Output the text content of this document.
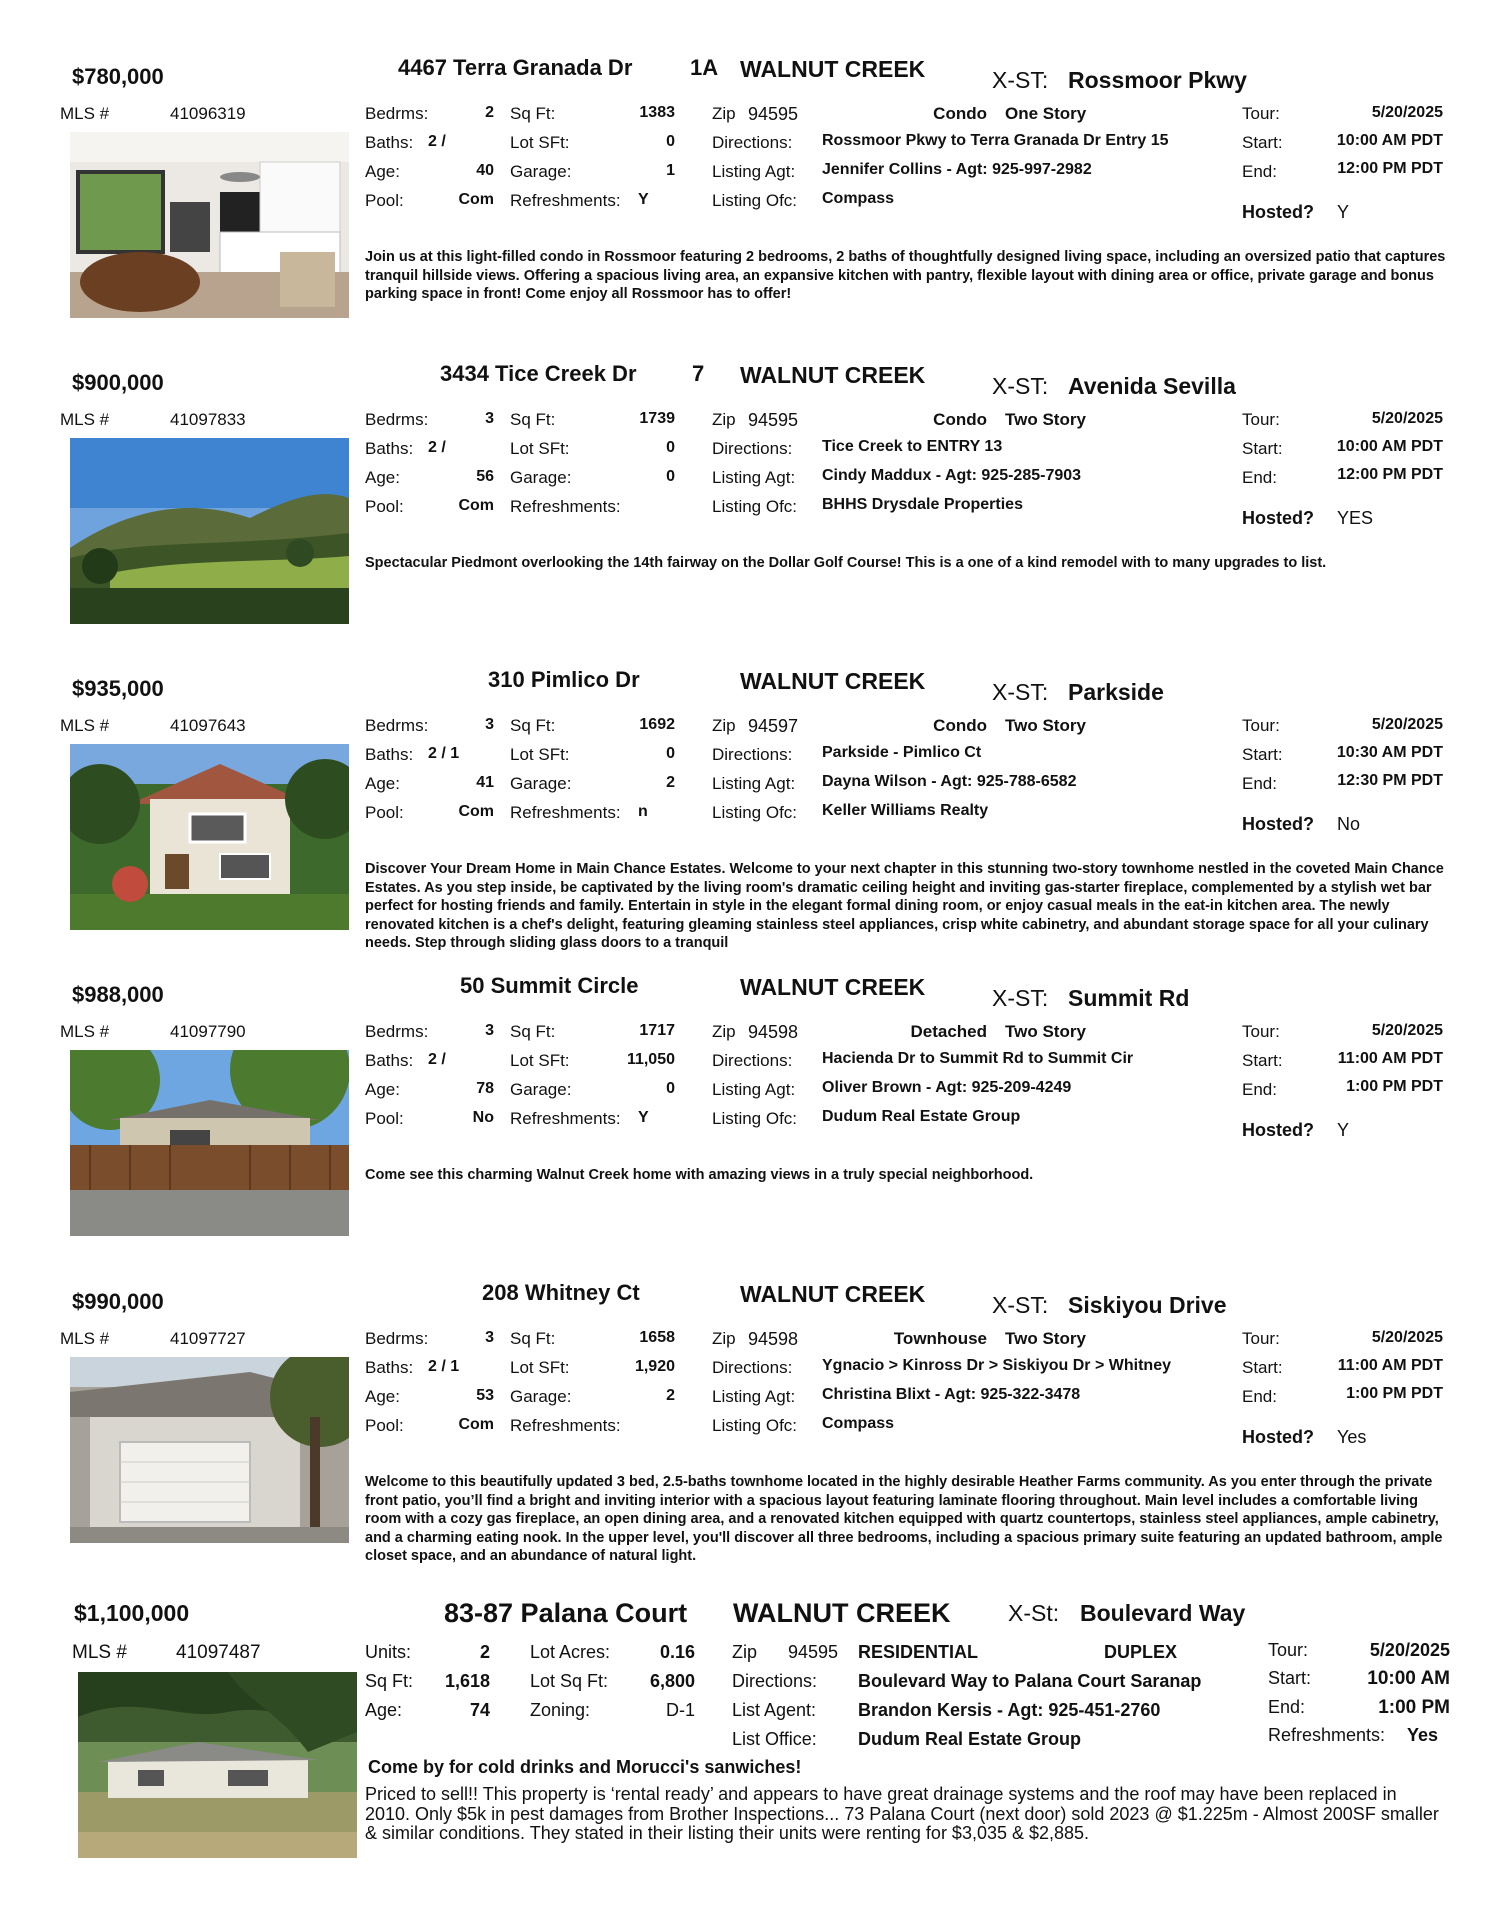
$780,000	4467 Terra Granada Dr	1A WALNUT CREEK	X-ST: Rossmoor Pkwy
MLS #	41096319	Bedrms:	2
Baths: 2 /
Age:	40
Pool:	Com
Sq Ft:	1383
Lot SFt:	0
Garage:	1
Refreshments: Y
Zip 94595	Condo One Story
Directions: Rossmoor Pkwy to Terra Granada Dr Entry 15
Listing Agt: Jennifer Collins - Agt: 925-997-2982
Listing Ofc: Compass
Tour:	5/20/2025
Start:	10:00 AM PDT
End:	12:00 PM PDT
Hosted? Y
Join us at this light-filled condo in Rossmoor featuring 2 bedrooms, 2 baths of thoughtfully designed living space, including an oversized patio that captures tranquil hillside views. Offering a spacious living area, an expansive kitchen with pantry, flexible layout with dining area or office, private garage and bonus parking space in front! Come enjoy all Rossmoor has to offer!
$900,000	3434 Tice Creek Dr	7 WALNUT CREEK	X-ST: Avenida Sevilla
MLS #	41097833	Bedrms:	3
Baths: 2 /
Age:	56
Pool:	Com
Sq Ft:	1739
Lot SFt:	0
Garage:	0
Refreshments:
Zip 94595	Condo Two Story
Directions: Tice Creek to ENTRY 13
Listing Agt: Cindy Maddux - Agt: 925-285-7903
Listing Ofc: BHHS Drysdale Properties
Tour:	5/20/2025
Start:	10:00 AM PDT
End:	12:00 PM PDT
Hosted? YES
Spectacular Piedmont overlooking the 14th fairway on the Dollar Golf Course! This is a one of a kind remodel with to many upgrades to list.
$935,000	310 Pimlico Dr	WALNUT CREEK	X-ST: Parkside
MLS #	41097643	Bedrms:	3
Baths: 2 / 1
Age:	41
Pool:	Com
Sq Ft:	1692
Lot SFt:	0
Garage:	2
Refreshments: n
Zip 94597	Condo Two Story
Directions: Parkside - Pimlico Ct
Listing Agt: Dayna Wilson - Agt: 925-788-6582
Listing Ofc: Keller Williams Realty
Tour:	5/20/2025
Start:	10:30 AM PDT
End:	12:30 PM PDT
Hosted? No
Discover Your Dream Home in Main Chance Estates. Welcome to your next chapter in this stunning two-story townhome nestled in the coveted Main Chance Estates. As you step inside, be captivated by the living room's dramatic ceiling height and inviting gas-starter fireplace, complemented by a stylish wet bar perfect for hosting friends and family. Entertain in style in the elegant formal dining room, or enjoy casual meals in the eat-in kitchen area. The newly renovated kitchen is a chef's delight, featuring gleaming stainless steel appliances, crisp white cabinetry, and abundant storage space for all your culinary needs. Step through sliding glass doors to a tranquil
$988,000	50 Summit Circle	WALNUT CREEK	X-ST: Summit Rd
MLS #	41097790	Bedrms:	3
Baths: 2 /
Age:	78
Pool:	No
Sq Ft:	1717
Lot SFt:	11,050
Garage:	0
Refreshments: Y
Zip 94598	Detached Two Story
Directions: Hacienda Dr to Summit Rd to Summit Cir
Listing Agt: Oliver Brown - Agt: 925-209-4249
Listing Ofc: Dudum Real Estate Group
Tour:	5/20/2025
Start:	11:00 AM PDT
End:	1:00 PM PDT
Hosted? Y
Come see this charming Walnut Creek home with amazing views in a truly special neighborhood.
$990,000	208 Whitney Ct	WALNUT CREEK	X-ST: Siskiyou Drive
MLS #	41097727	Bedrms:	3
Baths: 2 / 1
Age:	53
Pool:	Com
Sq Ft:	1658
Lot SFt:	1,920
Garage:	2
Refreshments:
Zip 94598	Townhouse Two Story
Directions: Ygnacio > Kinross Dr > Siskiyou Dr > Whitney
Listing Agt: Christina Blixt - Agt: 925-322-3478
Listing Ofc: Compass
Tour:	5/20/2025
Start:	11:00 AM PDT
End:	1:00 PM PDT
Hosted? Yes
Welcome to this beautifully updated 3 bed, 2.5-baths townhome located in the highly desirable Heather Farms community. As you enter through the private front patio, you’ll find a bright and inviting interior with a spacious layout featuring laminate flooring throughout. Main level includes a comfortable living room with a cozy gas fireplace, an open dining area, and a renovated kitchen equipped with quartz countertops, stainless steel appliances, ample cabinetry, and a charming eating nook. In the upper level, you'll discover all three bedrooms, including a spacious primary suite featuring an updated bathroom, ample closet space, and an abundance of natural light.
$1,100,000	83-87 Palana Court WALNUT CREEK	X-St: Boulevard Way
MLS #	41097487	Units:	2
Sq Ft:	1,618
Age:	74
Lot Acres:	0.16
Lot Sq Ft:	6,800
Zoning:	D-1
Zip 94595 RESIDENTIAL	DUPLEX
Directions: Boulevard Way to Palana Court Saranap
List Agent: Brandon Kersis - Agt: 925-451-2760
List Office: Dudum Real Estate Group
Tour:	5/20/2025
Start:	10:00 AM
End:	1:00 PM
Refreshments: Yes
Come by for cold drinks and Morucci's sanwiches!
Priced to sell!! This property is ‘rental ready’ and appears to have great drainage systems and the roof may have been replaced in 2010. Only $5k in pest damages from Brother Inspections... 73 Palana Court (next door) sold 2023 @ $1.225m - Almost 200SF smaller & similar conditions. They stated in their listing their units were renting for $3,035 & $2,885.
